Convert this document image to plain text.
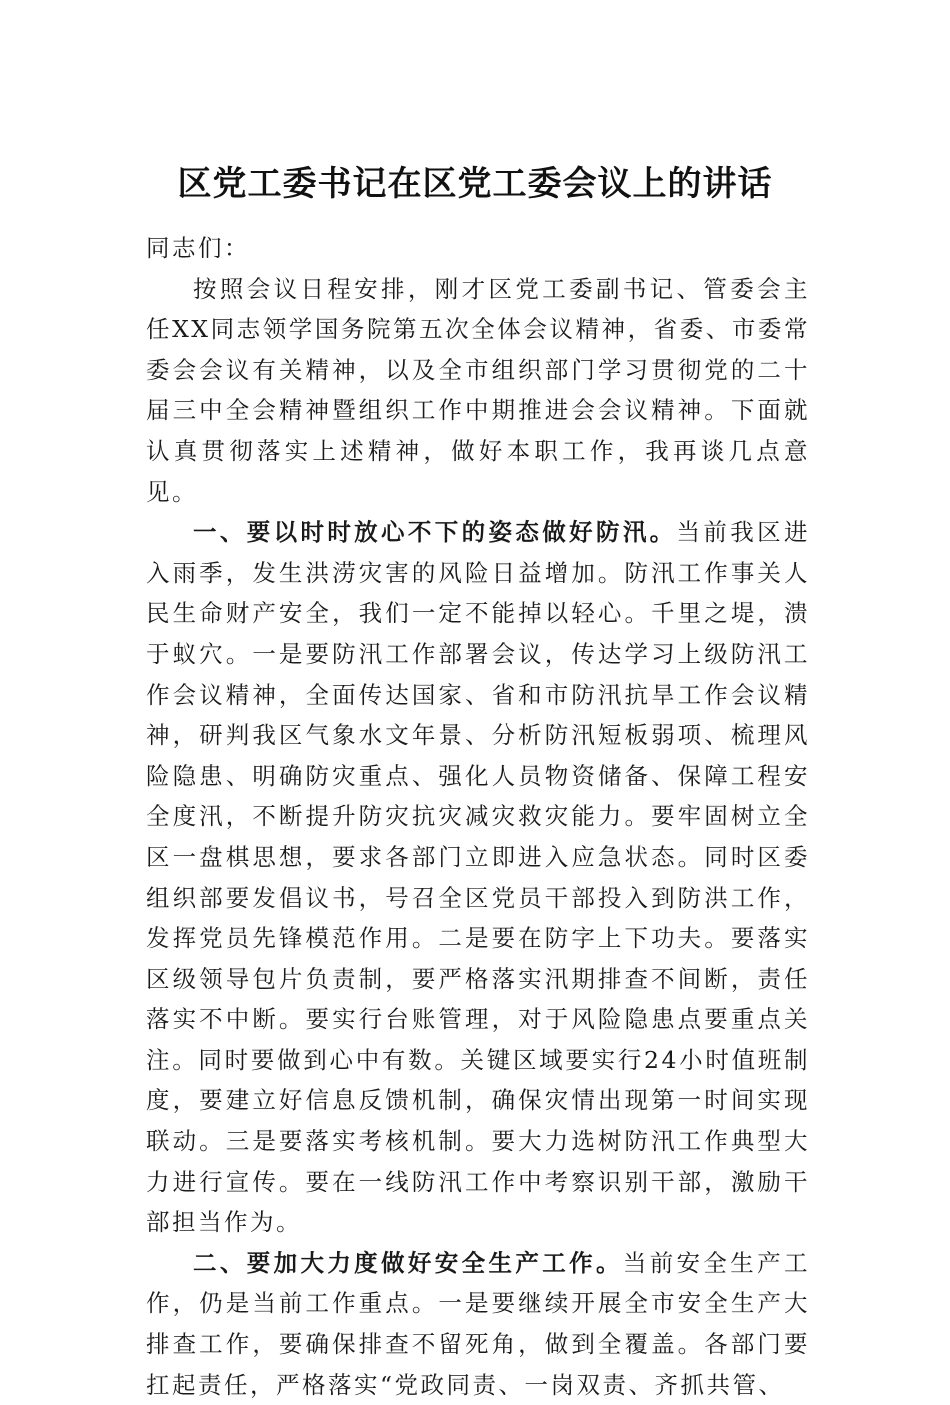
区党工委书记在区党工委会议上的讲话

同志们：

按照会议日程安排，刚才区党工委副书记、管委会主任XX同志领学国务院第五次全体会议精神，省委、市委常委会会议有关精神，以及全市组织部门学习贯彻党的二十届三中全会精神暨组织工作中期推进会会议精神。下面就认真贯彻落实上述精神，做好本职工作，我再谈几点意见。

一、要以时时放心不下的姿态做好防汛。当前我区进入雨季，发生洪涝灾害的风险日益增加。防汛工作事关人民生命财产安全，我们一定不能掉以轻心。千里之堤，溃于蚁穴。一是要防汛工作部署会议，传达学习上级防汛工作会议精神，全面传达国家、省和市防汛抗旱工作会议精神，研判我区气象水文年景、分析防汛短板弱项、梳理风险隐患、明确防灾重点、强化人员物资储备、保障工程安全度汛，不断提升防灾抗灾减灾救灾能力。要牢固树立全区一盘棋思想，要求各部门立即进入应急状态。同时区委组织部要发倡议书，号召全区党员干部投入到防洪工作，发挥党员先锋模范作用。二是要在防字上下功夫。要落实区级领导包片负责制，要严格落实汛期排查不间断，责任落实不中断。要实行台账管理，对于风险隐患点要重点关注。同时要做到心中有数。关键区域要实行24小时值班制度，要建立好信息反馈机制，确保灾情出现第一时间实现联动。三是要落实考核机制。要大力选树防汛工作典型大力进行宣传。要在一线防汛工作中考察识别干部，激励干部担当作为。

二、要加大力度做好安全生产工作。当前安全生产工作，仍是当前工作重点。一是要继续开展全市安全生产大排查工作，要确保排查不留死角，做到全覆盖。各部门要扛起责任，严格落实“党政同责、一岗双责、齐抓共管、
